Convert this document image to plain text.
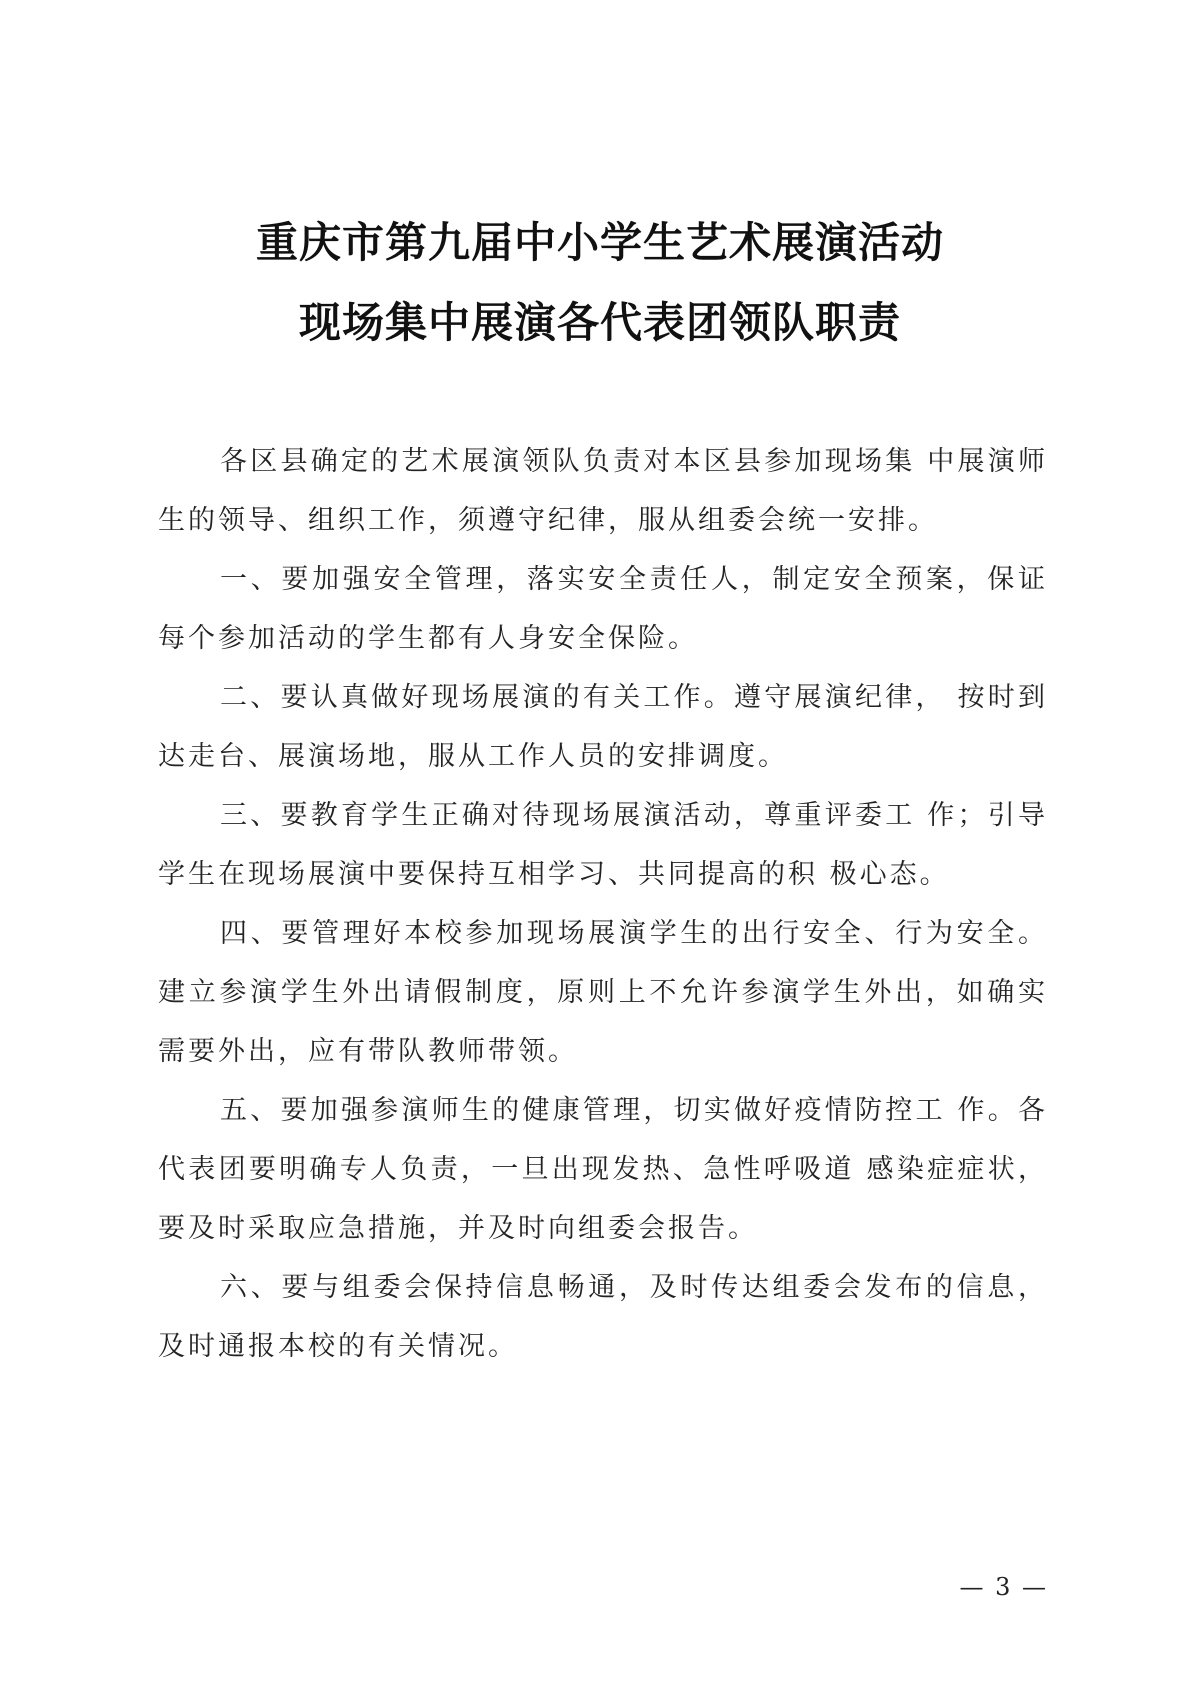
重庆市第九届中小学生艺术展演活动
现场集中展演各代表团领队职责

各区县确定的艺术展演领队负责对本区县参加现场集 中展演师生的领导、组织工作，须遵守纪律，服从组委会统一安排。

一、要加强安全管理，落实安全责任人，制定安全预案，保证每个参加活动的学生都有人身安全保险。

二、要认真做好现场展演的有关工作。遵守展演纪律， 按时到达走台、展演场地，服从工作人员的安排调度。

三、要教育学生正确对待现场展演活动，尊重评委工 作；引导学生在现场展演中要保持互相学习、共同提高的积 极心态。

四、要管理好本校参加现场展演学生的出行安全、行为安全。建立参演学生外出请假制度，原则上不允许参演学生外出，如确实需要外出，应有带队教师带领。

五、要加强参演师生的健康管理，切实做好疫情防控工 作。各代表团要明确专人负责，一旦出现发热、急性呼吸道 感染症症状，要及时采取应急措施，并及时向组委会报告。

六、要与组委会保持信息畅通，及时传达组委会发布的信息，及时通报本校的有关情况。

— 3 —
